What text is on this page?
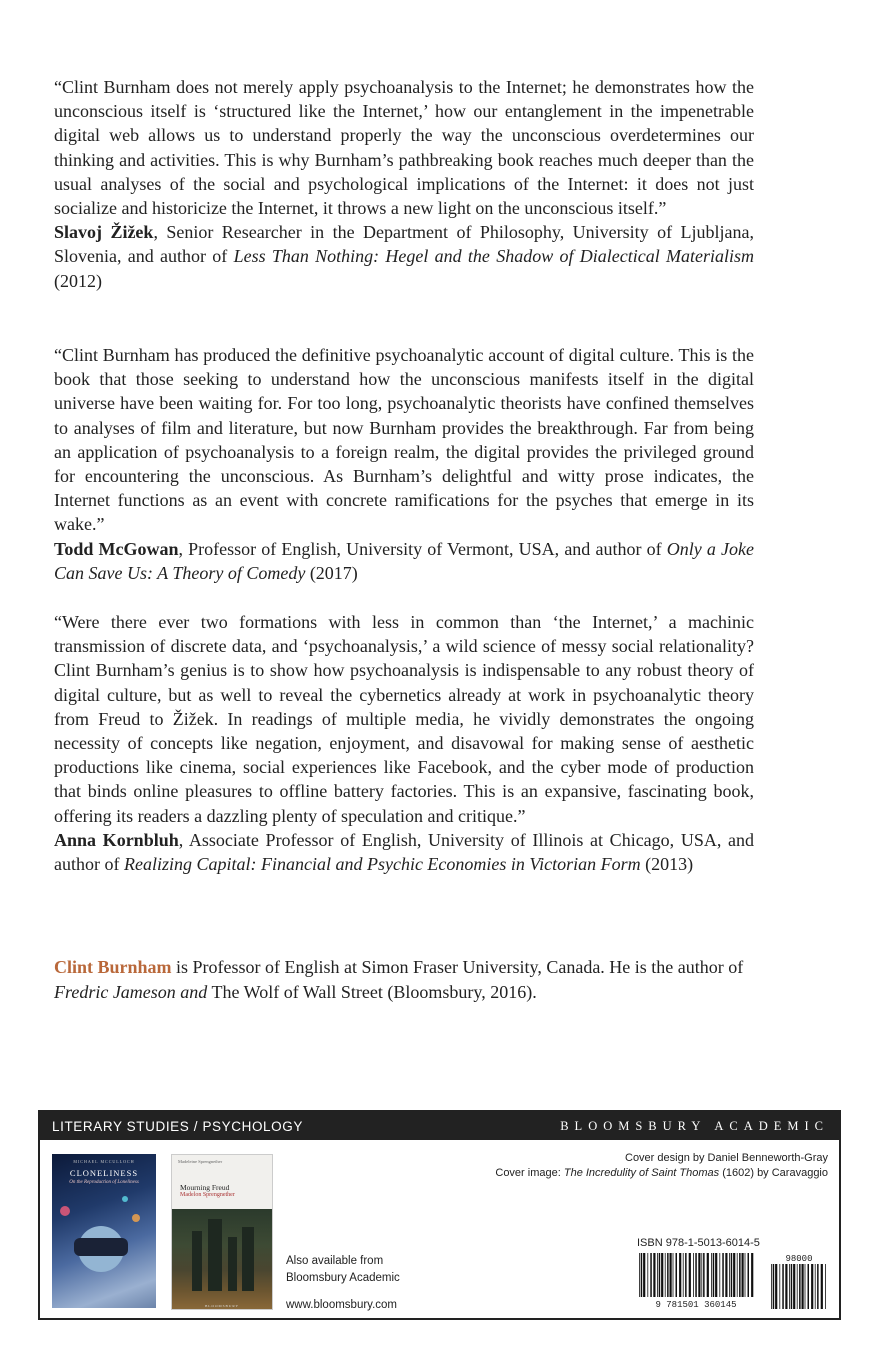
“Clint Burnham does not merely apply psychoanalysis to the Internet; he demonstrates how the unconscious itself is ‘structured like the Internet,’ how our entanglement in the impenetrable digital web allows us to understand properly the way the unconscious overdetermines our thinking and activities. This is why Burnham’s pathbreaking book reaches much deeper than the usual analyses of the social and psychological implications of the Internet: it does not just socialize and historicize the Internet, it throws a new light on the unconscious itself.”

Slavoj Žižek, Senior Researcher in the Department of Philosophy, University of Ljubljana, Slovenia, and author of Less Than Nothing: Hegel and the Shadow of Dialectical Materialism (2012)

“Clint Burnham has produced the definitive psychoanalytic account of digital culture. This is the book that those seeking to understand how the unconscious manifests itself in the digital universe have been waiting for. For too long, psychoanalytic theorists have confined themselves to analyses of film and literature, but now Burnham provides the breakthrough. Far from being an application of psychoanalysis to a foreign realm, the digital provides the privileged ground for encountering the unconscious. As Burnham’s delightful and witty prose indicates, the Internet functions as an event with concrete ramifications for the psyches that emerge in its wake.”

Todd McGowan, Professor of English, University of Vermont, USA, and author of Only a Joke Can Save Us: A Theory of Comedy (2017)

“Were there ever two formations with less in common than ‘the Internet,’ a machinic transmission of discrete data, and ‘psychoanalysis,’ a wild science of messy social relationality? Clint Burnham’s genius is to show how psychoanalysis is indispensable to any robust theory of digital culture, but as well to reveal the cybernetics already at work in psychoanalytic theory from Freud to Žižek. In readings of multiple media, he vividly demonstrates the ongoing necessity of concepts like negation, enjoyment, and disavowal for making sense of aesthetic productions like cinema, social experiences like Facebook, and the cyber mode of production that binds online pleasures to offline battery factories. This is an expansive, fascinating book, offering its readers a dazzling plenty of speculation and critique.”

Anna Kornbluh, Associate Professor of English, University of Illinois at Chicago, USA, and author of Realizing Capital: Financial and Psychic Economies in Victorian Form (2013)

Clint Burnham is Professor of English at Simon Fraser University, Canada. He is the author of Fredric Jameson and The Wolf of Wall Street (Bloomsbury, 2016).
LITERARY STUDIES / PSYCHOLOGY	BLOOMSBURY ACADEMIC
MICHAEL MCCULLOCH
CLONELINESS
On the Reproduction of Loneliness
Madeleine Sprengnether
Mourning Freud
Madelon Sprengnether
BLOOMSBURY
Also available from
Bloomsbury Academic
www.bloomsbury.com
Cover design by Daniel Benneworth-Gray
Cover image: The Incredulity of Saint Thomas (1602) by Caravaggio
ISBN 978-1-5013-6014-5
9 781501 360145
98000
